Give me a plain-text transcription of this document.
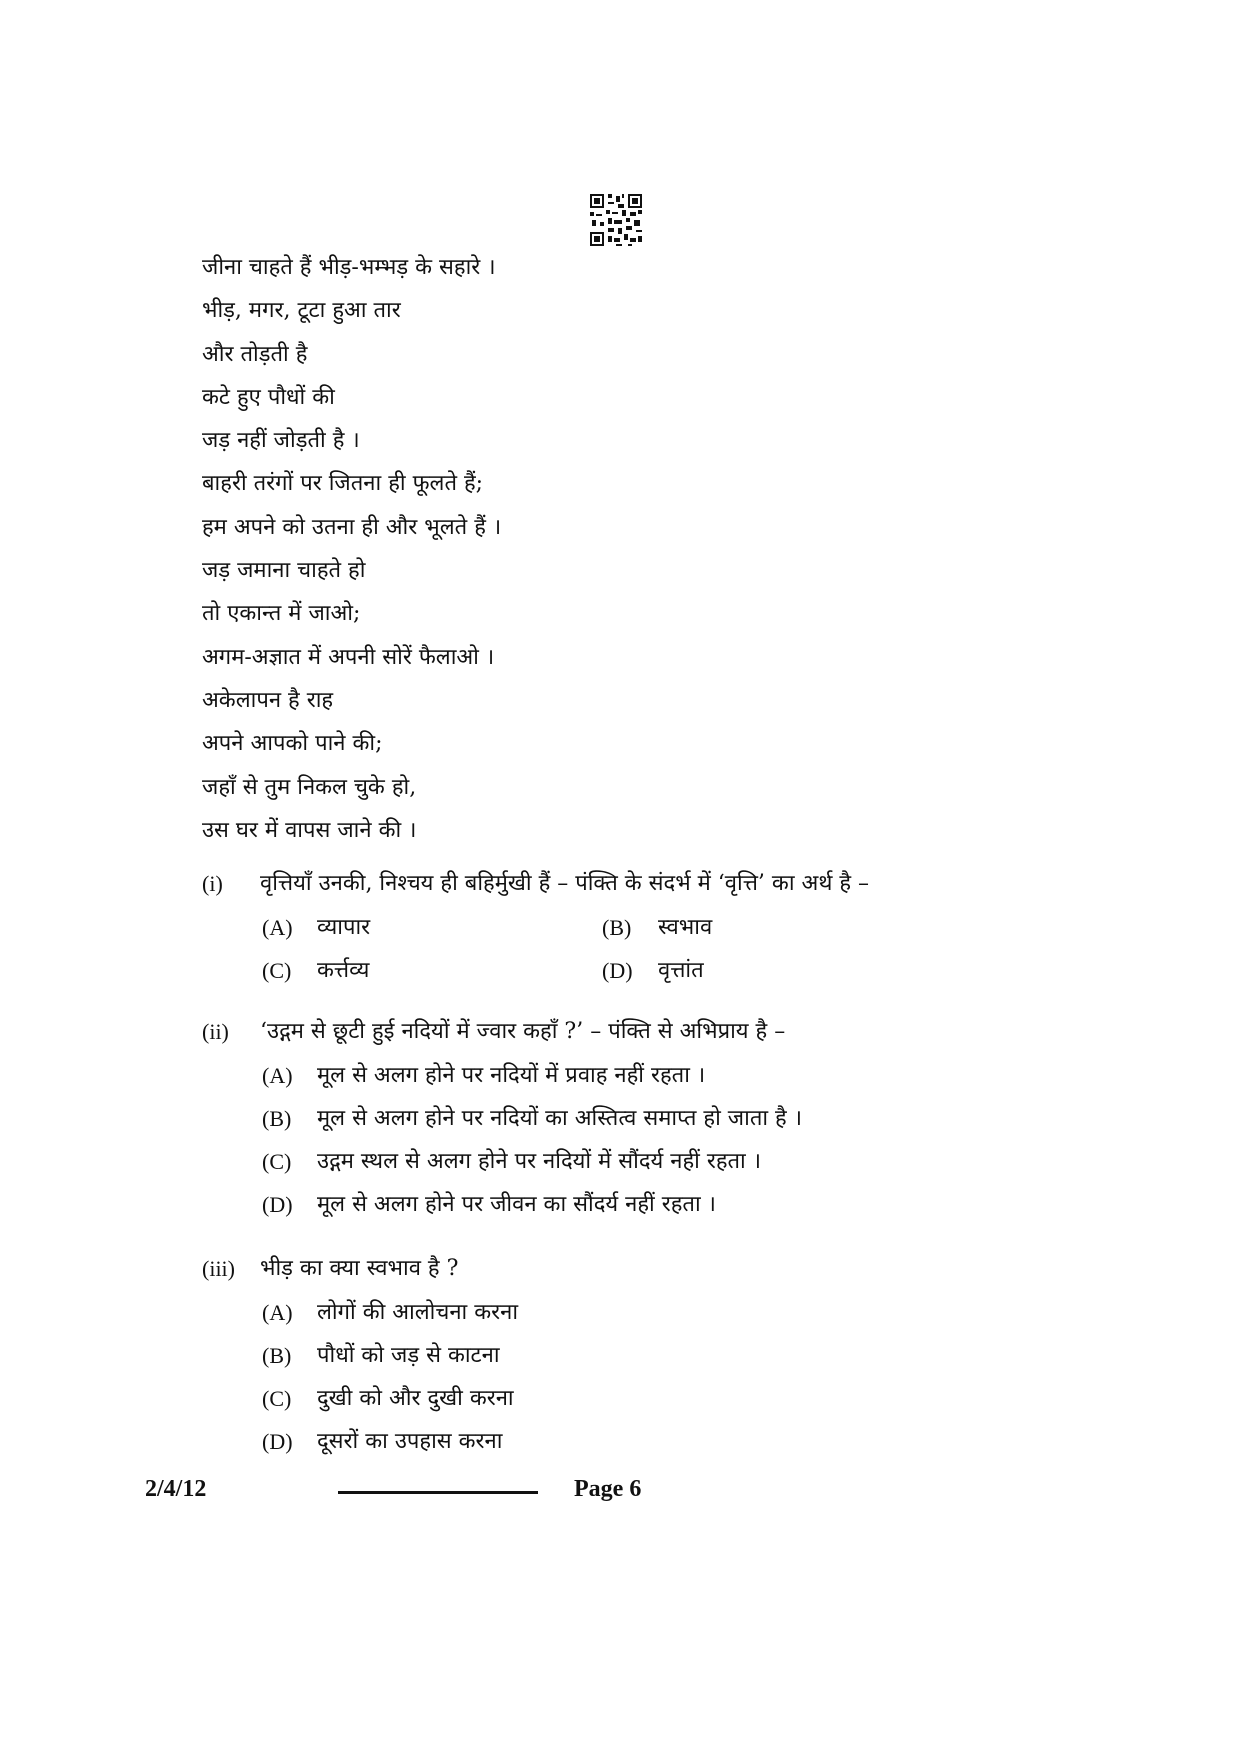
जीना चाहते हैं भीड़-भम्भड़ के सहारे ।
भीड़, मगर, टूटा हुआ तार
और तोड़ती है
कटे हुए पौधों की
जड़ नहीं जोड़ती है ।
बाहरी तरंगों पर जितना ही फूलते हैं;
हम अपने को उतना ही और भूलते हैं ।
जड़ जमाना चाहते हो
तो एकान्त में जाओ;
अगम-अज्ञात में अपनी सोरें फैलाओ ।
अकेलापन है राह
अपने आपको पाने की;
जहाँ से तुम निकल चुके हो,
उस घर में वापस जाने की ।
(i) वृत्तियाँ उनकी, निश्चय ही बहिर्मुखी हैं – पंक्ति के संदर्भ में ‘वृत्ति’ का अर्थ है –
(A) व्यापार	(B) स्वभाव
(C) कर्त्तव्य	(D) वृत्तांत
(ii) ‘उद्गम से छूटी हुई नदियों में ज्वार कहाँ ?’ – पंक्ति से अभिप्राय है –
(A) मूल से अलग होने पर नदियों में प्रवाह नहीं रहता ।
(B) मूल से अलग होने पर नदियों का अस्तित्व समाप्त हो जाता है ।
(C) उद्गम स्थल से अलग होने पर नदियों में सौंदर्य नहीं रहता ।
(D) मूल से अलग होने पर जीवन का सौंदर्य नहीं रहता ।
(iii) भीड़ का क्या स्वभाव है ?
(A) लोगों की आलोचना करना
(B) पौधों को जड़ से काटना
(C) दुखी को और दुखी करना
(D) दूसरों का उपहास करना
2/4/12	Page 6
